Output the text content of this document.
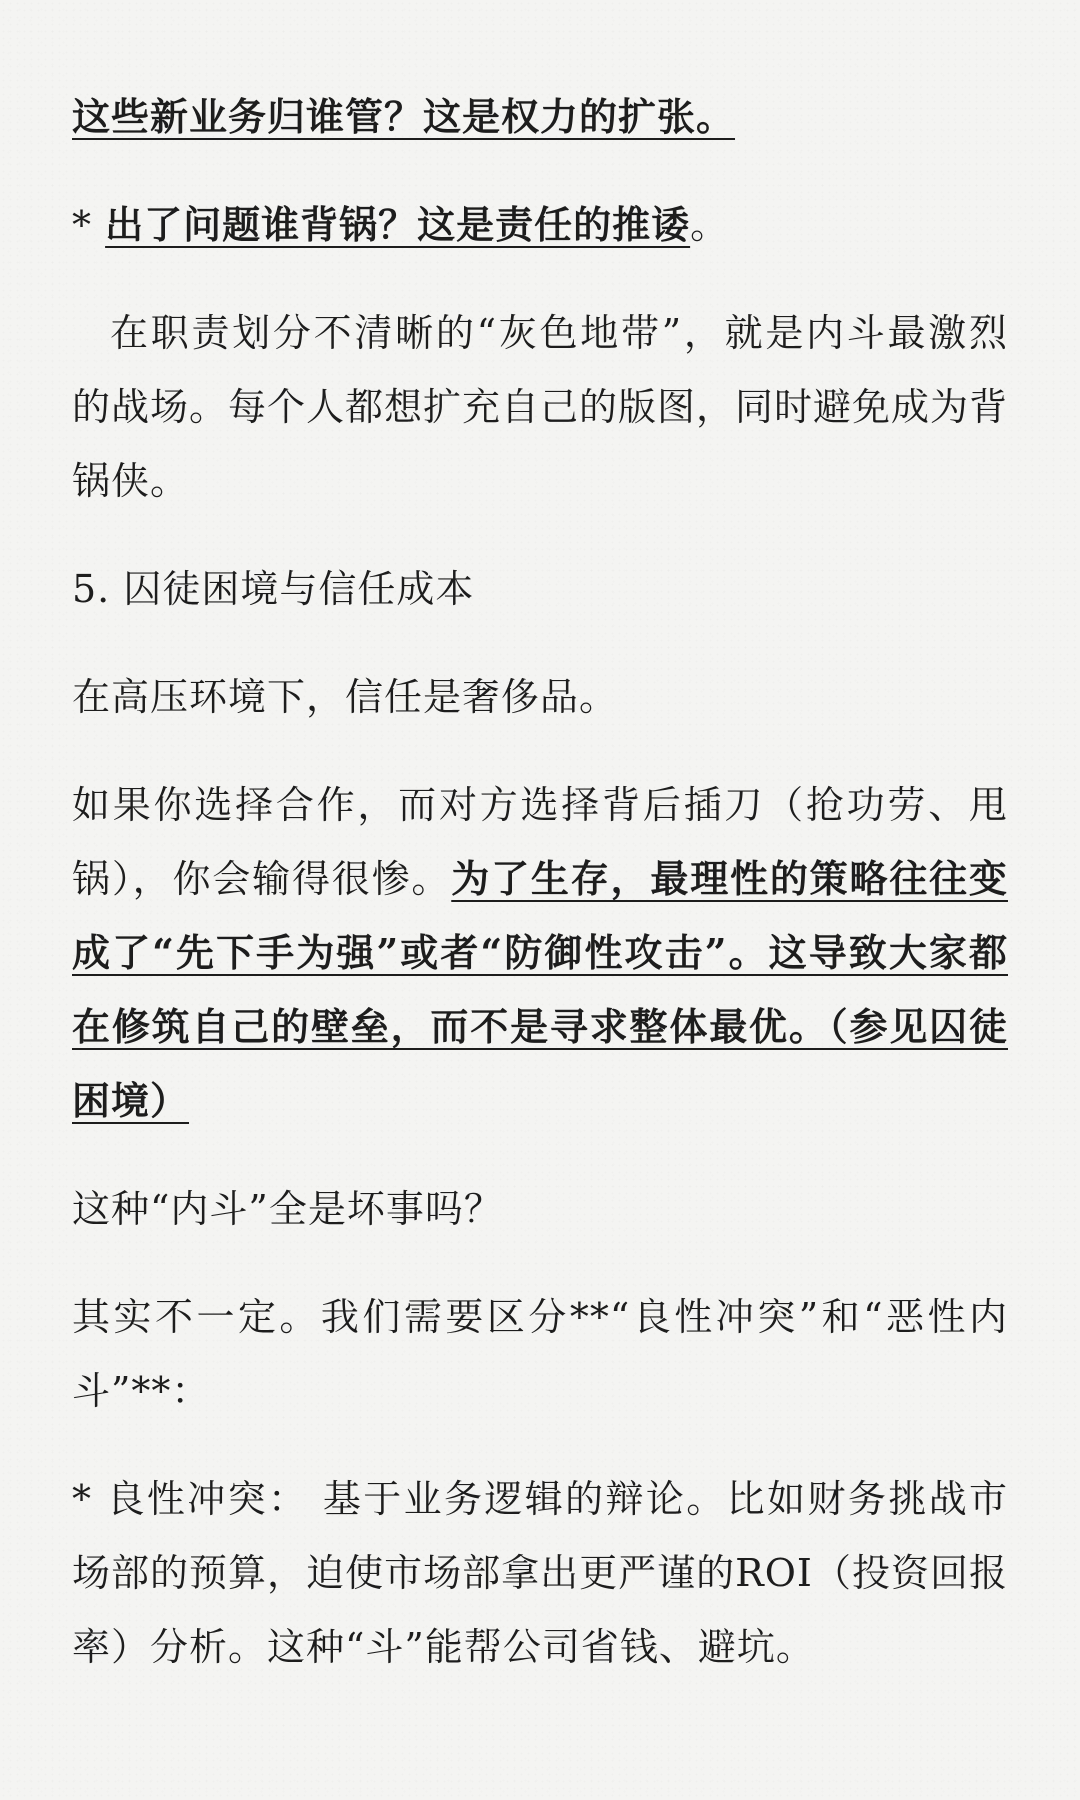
这些新业务归谁管？这是权力的扩张。

* 出了问题谁背锅？这是责任的推诿。

在职责划分不清晰的“灰色地带”，就是内斗最激烈的战场。每个人都想扩充自己的版图，同时避免成为背锅侠。

5. 囚徒困境与信任成本

在高压环境下，信任是奢侈品。

如果你选择合作，而对方选择背后插刀（抢功劳、甩锅），你会输得很惨。为了生存，最理性的策略往往变成了“先下手为强”或者“防御性攻击”。这导致大家都在修筑自己的壁垒，而不是寻求整体最优。（参见囚徒困境）

这种“内斗”全是坏事吗？

其实不一定。我们需要区分**“良性冲突”和“恶性内斗”**：

* 良性冲突： 基于业务逻辑的辩论。比如财务挑战市场部的预算，迫使市场部拿出更严谨的ROI（投资回报率）分析。这种“斗”能帮公司省钱、避坑。
